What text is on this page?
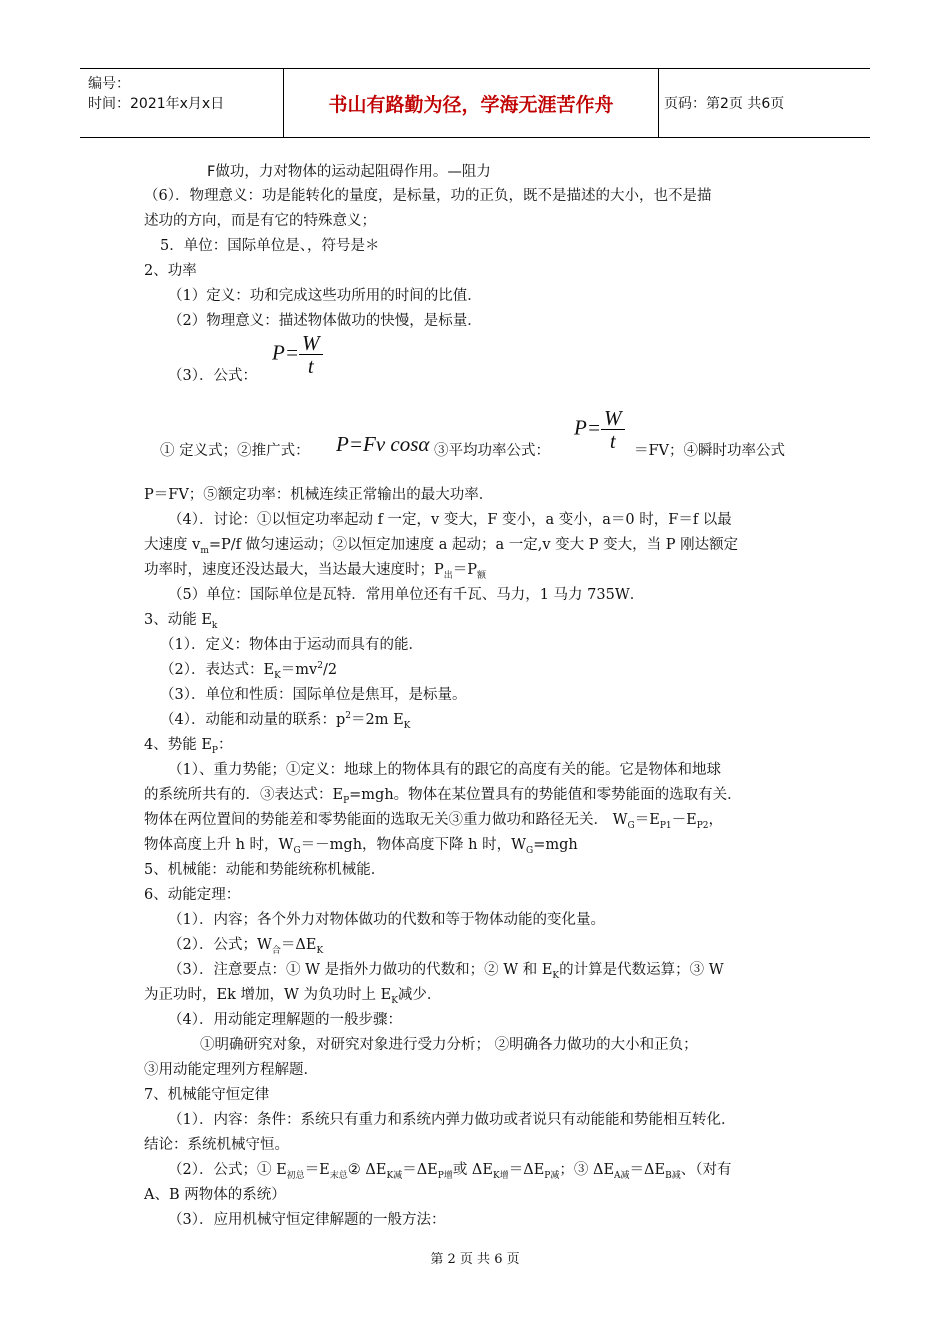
编号：
时间：2021年x月x日	书山有路勤为径，学海无涯苦作舟	页码：第2页 共6页
F做功，力对物体的运动起阻碍作用。—阻力
（6）．物理意义：功是能转化的量度，是标量，功的正负，既不是描述的大小，也不是描
述功的方向，而是有它的特殊意义；
5．单位：国际单位是、，符号是＊
2、功率
（1）定义：功和完成这些功所用的时间的比值．
（2）物理意义：描述物体做功的快慢，是标量．
$P= \frac{W}{t}$
（3）．公式：
① 定义式；②推广式： P=Fv cosα ③平均功率公式：
$P= \frac{W}{t} =FV$；④瞬时功率公式
P＝FV；⑤额定功率：机械连续正常输出的最大功率．
（4）．讨论：①以恒定功率起动 f 一定，v 变大，F 变小，a 变小，a＝0 时，F＝f 以最
大速度 $v_m=P/f$ 做匀速运动；②以恒定加速度 a 起动；a 一定,v 变大 P 变大，当 P 刚达额定
功率时，速度还没达最大，当达最大速度时；$P_出=P_额$
（5）单位：国际单位是瓦特．常用单位还有千瓦、马力，1 马力 735W．
3、动能 $E_k$
（1）．定义：物体由于运动而具有的能．
（2）．表达式：$E_K=mv^2/2$
（3）．单位和性质：国际单位是焦耳，是标量。
（4）．动能和动量的联系：$p^2=2m$ $E_K$
4、势能 $E_P$：
（1）、重力势能；①定义：地球上的物体具有的跟它的高度有关的能。它是物体和地球
的系统所共有的．③表达式：$E_P=mgh$。物体在某位置具有的势能值和零势能面的选取有关．
物体在两位置间的势能差和零势能面的选取无关③重力做功和路径无关． $W_G=E_{P1}-E_{P2}$，
物体高度上升 h 时，$W_G=-mgh$，物体高度下降 h 时，$W_G=mgh$
5、机械能：动能和势能统称机械能．
6、动能定理：
（1）．内容；各个外力对物体做功的代数和等于物体动能的变化量。
（2）．公式；$W_合=\Delta E_K$
（3）．注意要点：① W 是指外力做功的代数和；② W 和 $E_K$的计算是代数运算；③ W
为正功时，Ek 增加，W 为负功时上 $E_K$减少．
（4）．用动能定理解题的一般步骤：
①明确研究对象，对研究对象进行受力分析； ②明确各力做功的大小和正负；
③用动能定理列方程解题．
7、机械能守恒定律
（1）．内容：条件：系统只有重力和系统内弹力做功或者说只有动能能和势能相互转化．
结论：系统机械守恒。
（2）．公式；① $E_{初总}=E_{末总}②$ $\Delta E_{K减}=\Delta E_{P增}$或 $\Delta E_{K增}=\Delta E_{P减}$；③ $\Delta E_{A减}=\Delta E_{B减}$、（对有
A、B 两物体的系统）
（3）．应用机械守恒定律解题的一般方法：
第 2 页 共 6 页
